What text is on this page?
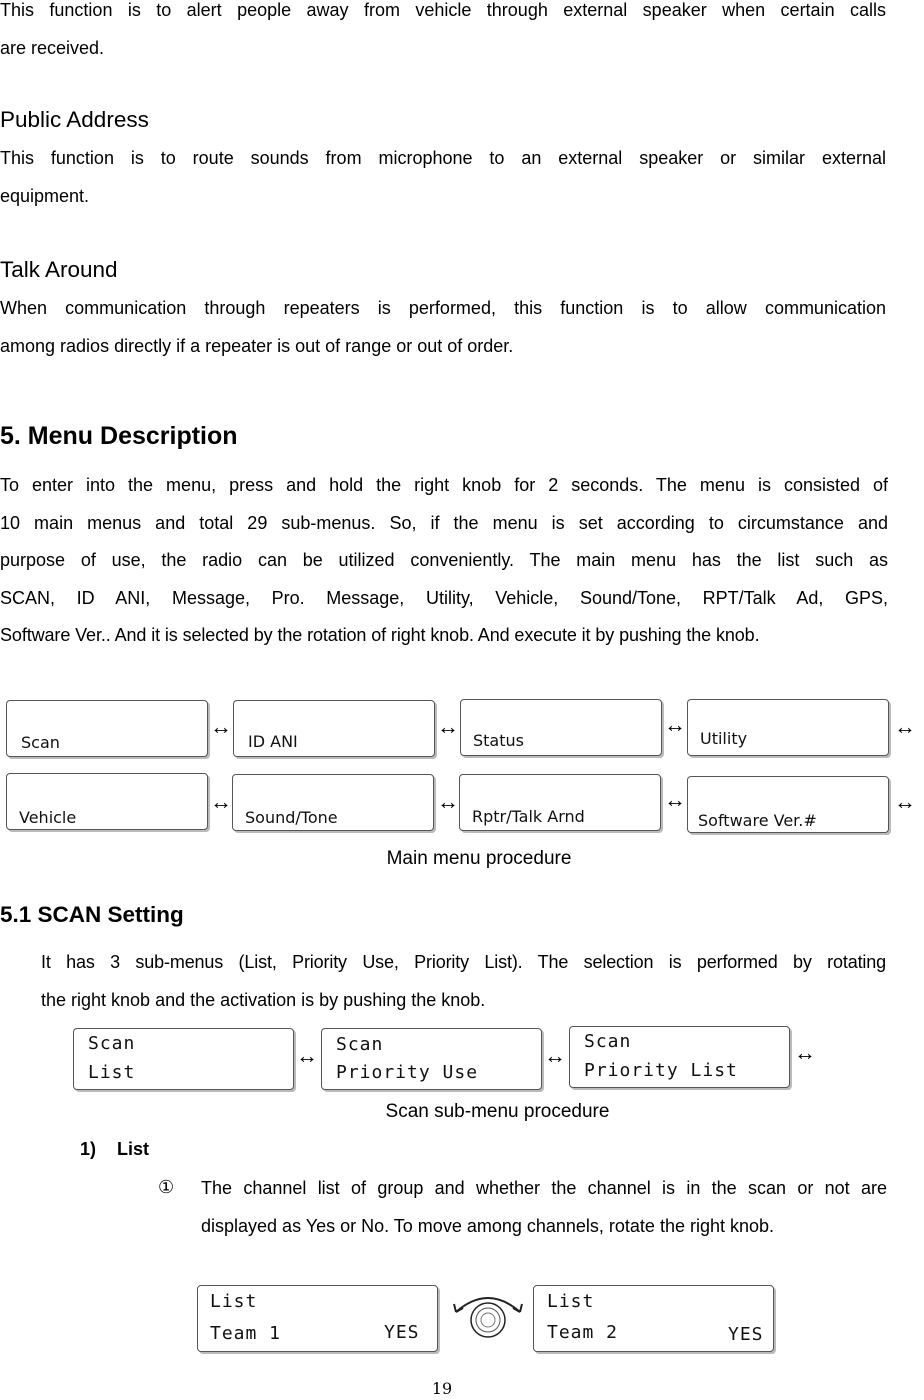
This function is to alert people away from vehicle through external speaker when certain calls
are received.
Public Address
This function is to route sounds from microphone to an external speaker or similar external
equipment.
Talk Around
When communication through repeaters is performed, this function is to allow communication
among radios directly if a repeater is out of range or out of order.
5. Menu Description
To enter into the menu, press and hold the right knob for 2 seconds. The menu is consisted of
10 main menus and total 29 sub-menus. So, if the menu is set according to circumstance and
purpose of use, the radio can be utilized conveniently. The main menu has the list such as
SCAN, ID ANI, Message, Pro. Message, Utility, Vehicle, Sound/Tone, RPT/Talk Ad, GPS,
Software Ver.. And it is selected by the rotation of right knob. And execute it by pushing the knob.
Scan
↔
ID ANI
↔
Status
↔
Utility	↔
Vehicle
↔
Sound/Tone
↔
Rptr/Talk Arnd
↔
Software Ver.#
↔
Main menu procedure
5.1 SCAN Setting
It has 3 sub-menus (List, Priority Use, Priority List). The selection is performed by rotating
the right knob and the activation is by pushing the knob.
Scan
List
↔ Scan
Priority Use
↔
Scan
Priority List
↔
Scan sub-menu procedure
1) List
① The channel list of group and whether the channel is in the scan or not are
displayed as Yes or No. To move among channels, rotate the right knob.
List
Team 1	YES
List
Team 2	YES
19
